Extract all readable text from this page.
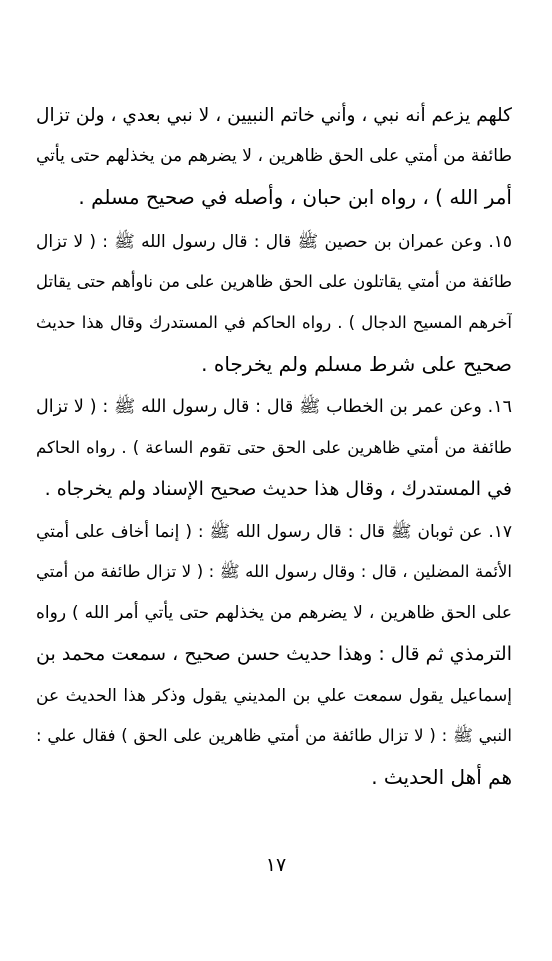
كلهم يزعم أنه نبي ، وأني خاتم النبيين ، لا نبي بعدي ، ولن تزال
طائفة من أمتي على الحق ظاهرين ، لا يضرهم من يخذلهم حتى يأتي
أمر الله ) ، رواه ابن حبان ، وأصله في صحيح مسلم .
١٥. وعن عمران بن حصين ﷺ قال : قال رسول الله ﷺ : ( لا تزال
طائفة من أمتي يقاتلون على الحق ظاهرين على من ناوأهم حتى يقاتل
آخرهم المسيح الدجال ) . رواه الحاكم في المستدرك وقال هذا حديث
صحيح على شرط مسلم ولم يخرجاه .
١٦. وعن عمر بن الخطاب ﷺ قال : قال رسول الله ﷺ : ( لا تزال
طائفة من أمتي ظاهرين على الحق حتى تقوم الساعة ) . رواه الحاكم
في المستدرك ، وقال هذا حديث صحيح الإسناد ولم يخرجاه .
١٧. عن ثوبان ﷺ قال : قال رسول الله ﷺ : ( إنما أخاف على أمتي
الأئمة المضلين ، قال : وقال رسول الله ﷺ : ( لا تزال طائفة من أمتي
على الحق ظاهرين ، لا يضرهم من يخذلهم حتى يأتي أمر الله ) رواه
الترمذي ثم قال : وهذا حديث حسن صحيح ، سمعت محمد بن
إسماعيل يقول سمعت علي بن المديني يقول وذكر هذا الحديث عن
النبي ﷺ : ( لا تزال طائفة من أمتي ظاهرين على الحق ) فقال علي :
هم أهل الحديث .
١٧
